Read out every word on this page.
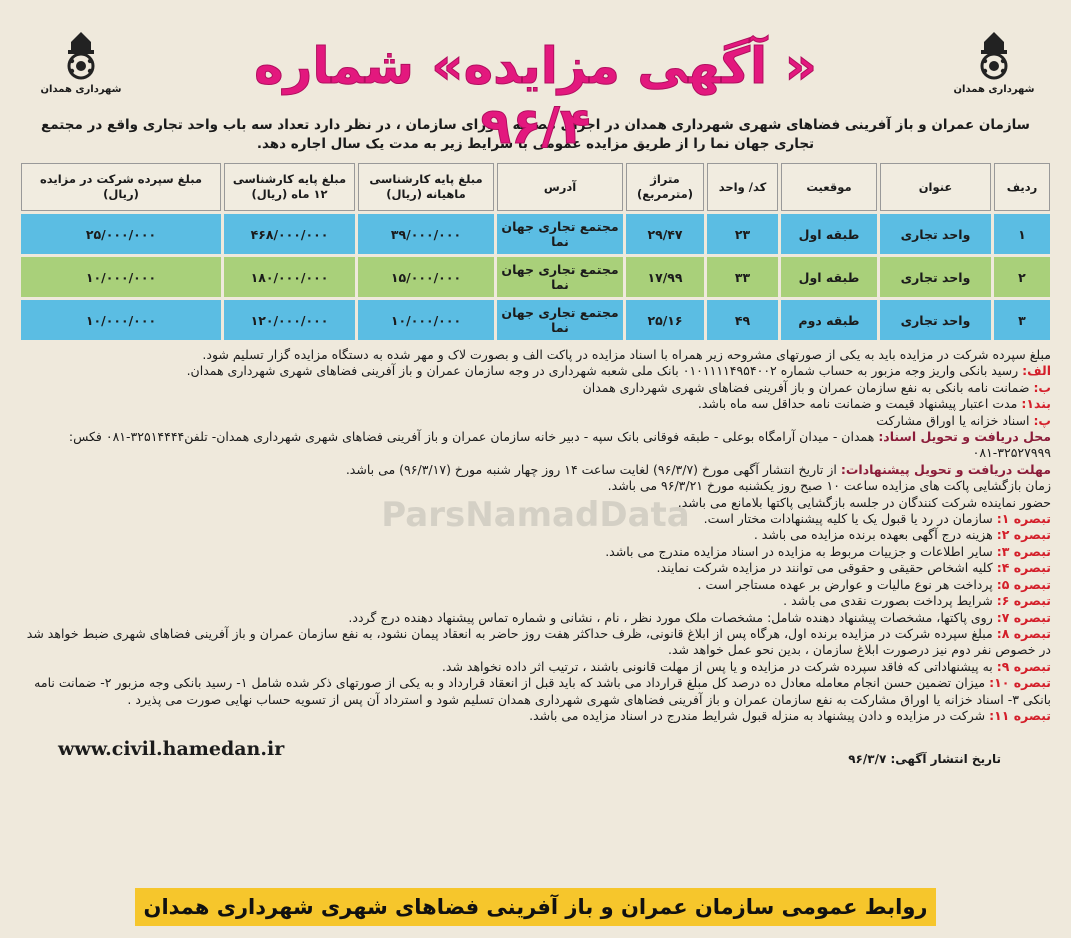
شهرداری همدان
« آگهی مزایده» شماره ۹۶/۴
شهرداری همدان
سازمان عمران و باز آفرینی فضاهای شهری شهرداری همدان در اجرای مصوبه شورای سازمان ، در نظر دارد تعداد سه باب واحد تجاری واقع در مجتمع تجاری جهان نما را از طریق مزایده عمومی با شرایط زیر به مدت یک سال اجاره دهد.
ردیف	عنوان	موقعیت	کد/ واحد	متراژ (مترمربع)	آدرس	مبلغ پایه کارشناسی ماهیانه (ریال)	مبلغ پایه کارشناسی ۱۲ ماه (ریال)	مبلغ سپرده شرکت در مزایده (ریال)
۱	واحد تجاری	طبقه اول	۲۳	۲۹/۴۷	مجتمع تجاری جهان نما	۳۹/۰۰۰/۰۰۰	۴۶۸/۰۰۰/۰۰۰	۲۵/۰۰۰/۰۰۰
۲	واحد تجاری	طبقه اول	۳۳	۱۷/۹۹	مجتمع تجاری جهان نما	۱۵/۰۰۰/۰۰۰	۱۸۰/۰۰۰/۰۰۰	۱۰/۰۰۰/۰۰۰
۳	واحد تجاری	طبقه دوم	۴۹	۲۵/۱۶	مجتمع تجاری جهان نما	۱۰/۰۰۰/۰۰۰	۱۲۰/۰۰۰/۰۰۰	۱۰/۰۰۰/۰۰۰

مبلغ سپرده شرکت در مزایده باید به یکی از صورتهای مشروحه زیر همراه با اسناد مزایده در پاکت الف و بصورت لاک و مهر شده به دستگاه مزایده گزار تسلیم شود.

الف: رسید بانکی واریز وجه مزبور به حساب شماره ۰۱۰۱۱۱۱۴۹۵۴۰۰۲ بانک ملی شعبه شهرداری در وجه سازمان عمران و باز آفرینی فضاهای شهری شهرداری همدان.

ب: ضمانت نامه بانکی به نفع سازمان عمران و باز آفرینی فضاهای شهری شهرداری همدان

بند۱: مدت اعتبار پیشنهاد قیمت و ضمانت نامه حداقل سه ماه باشد.

پ: اسناد خزانه یا اوراق مشارکت

محل دریافت و تحویل اسناد: همدان - میدان آرامگاه بوعلی - طبقه فوقانی بانک سپه - دبیر خانه سازمان عمران و باز آفرینی فضاهای شهری شهرداری همدان- تلفن۳۲۵۱۴۴۴۴-۰۸۱ فکس: ۳۲۵۲۷۹۹۹-۰۸۱

مهلت دریافت و تحویل پیشنهادات: از تاریخ انتشار آگهی مورخ (۹۶/۳/۷) لغایت ساعت ۱۴ روز چهار شنبه مورخ (۹۶/۳/۱۷) می باشد.

زمان بازگشایی پاکت های مزایده ساعت ۱۰ صبح روز یکشنبه مورخ ۹۶/۳/۲۱ می باشد.

حضور نماینده شرکت کنندگان در جلسه بازگشایی پاکتها بلامانع می باشد.

تبصره ۱: سازمان در رد یا قبول یک یا کلیه پیشنهادات مختار است.

تبصره ۲: هزینه درج آگهی بعهده برنده مزایده می باشد .

تبصره ۳: سایر اطلاعات و جزییات مربوط به مزایده در اسناد مزایده مندرج می باشد.

تبصره ۴: کلیه اشخاص حقیقی و حقوقی می توانند در مزایده شرکت نمایند.

تبصره ۵: پرداخت هر نوع مالیات و عوارض بر عهده مستاجر است .

تبصره ۶: شرایط پرداخت بصورت نقدی می باشد .

تبصره ۷: روی پاکتها، مشخصات پیشنهاد دهنده شامل: مشخصات ملک مورد نظر ، نام ، نشانی و شماره تماس پیشنهاد دهنده درج گردد.

تبصره ۸: مبلغ سپرده شرکت در مزایده برنده اول، هرگاه پس از ابلاغ قانونی، ظرف حداکثر هفت روز حاضر به انعقاد پیمان نشود، به نفع سازمان عمران و باز آفرینی فضاهای شهری ضبط خواهد شد در خصوص نفر دوم نیز درصورت ابلاغ سازمان ، بدین نحو عمل خواهد شد.

تبصره ۹: به پیشنهاداتی که فاقد سپرده شرکت در مزایده و یا پس از مهلت قانونی باشند ، ترتیب اثر داده نخواهد شد.

تبصره ۱۰: میزان تضمین حسن انجام معامله معادل ده درصد کل مبلغ قرارداد می باشد که باید قبل از انعقاد قرارداد و به یکی از صورتهای ذکر شده شامل ۱- رسید بانکی وجه مزبور ۲- ضمانت نامه بانکی ۳- اسناد خزانه یا اوراق مشارکت به نفع سازمان عمران و باز آفرینی فضاهای شهری شهرداری همدان تسلیم شود و استرداد آن پس از تسویه حساب نهایی صورت می پذیرد .

تبصره ۱۱: شرکت در مزایده و دادن پیشنهاد به منزله قبول شرایط مندرج در اسناد مزایده می باشد.

www.civil.hamedan.ir	تاریخ انتشار آگهی: ۹۶/۳/۷
ParsNamadData
روابط عمومی سازمان عمران و باز آفرینی فضاهای شهری شهرداری همدان
